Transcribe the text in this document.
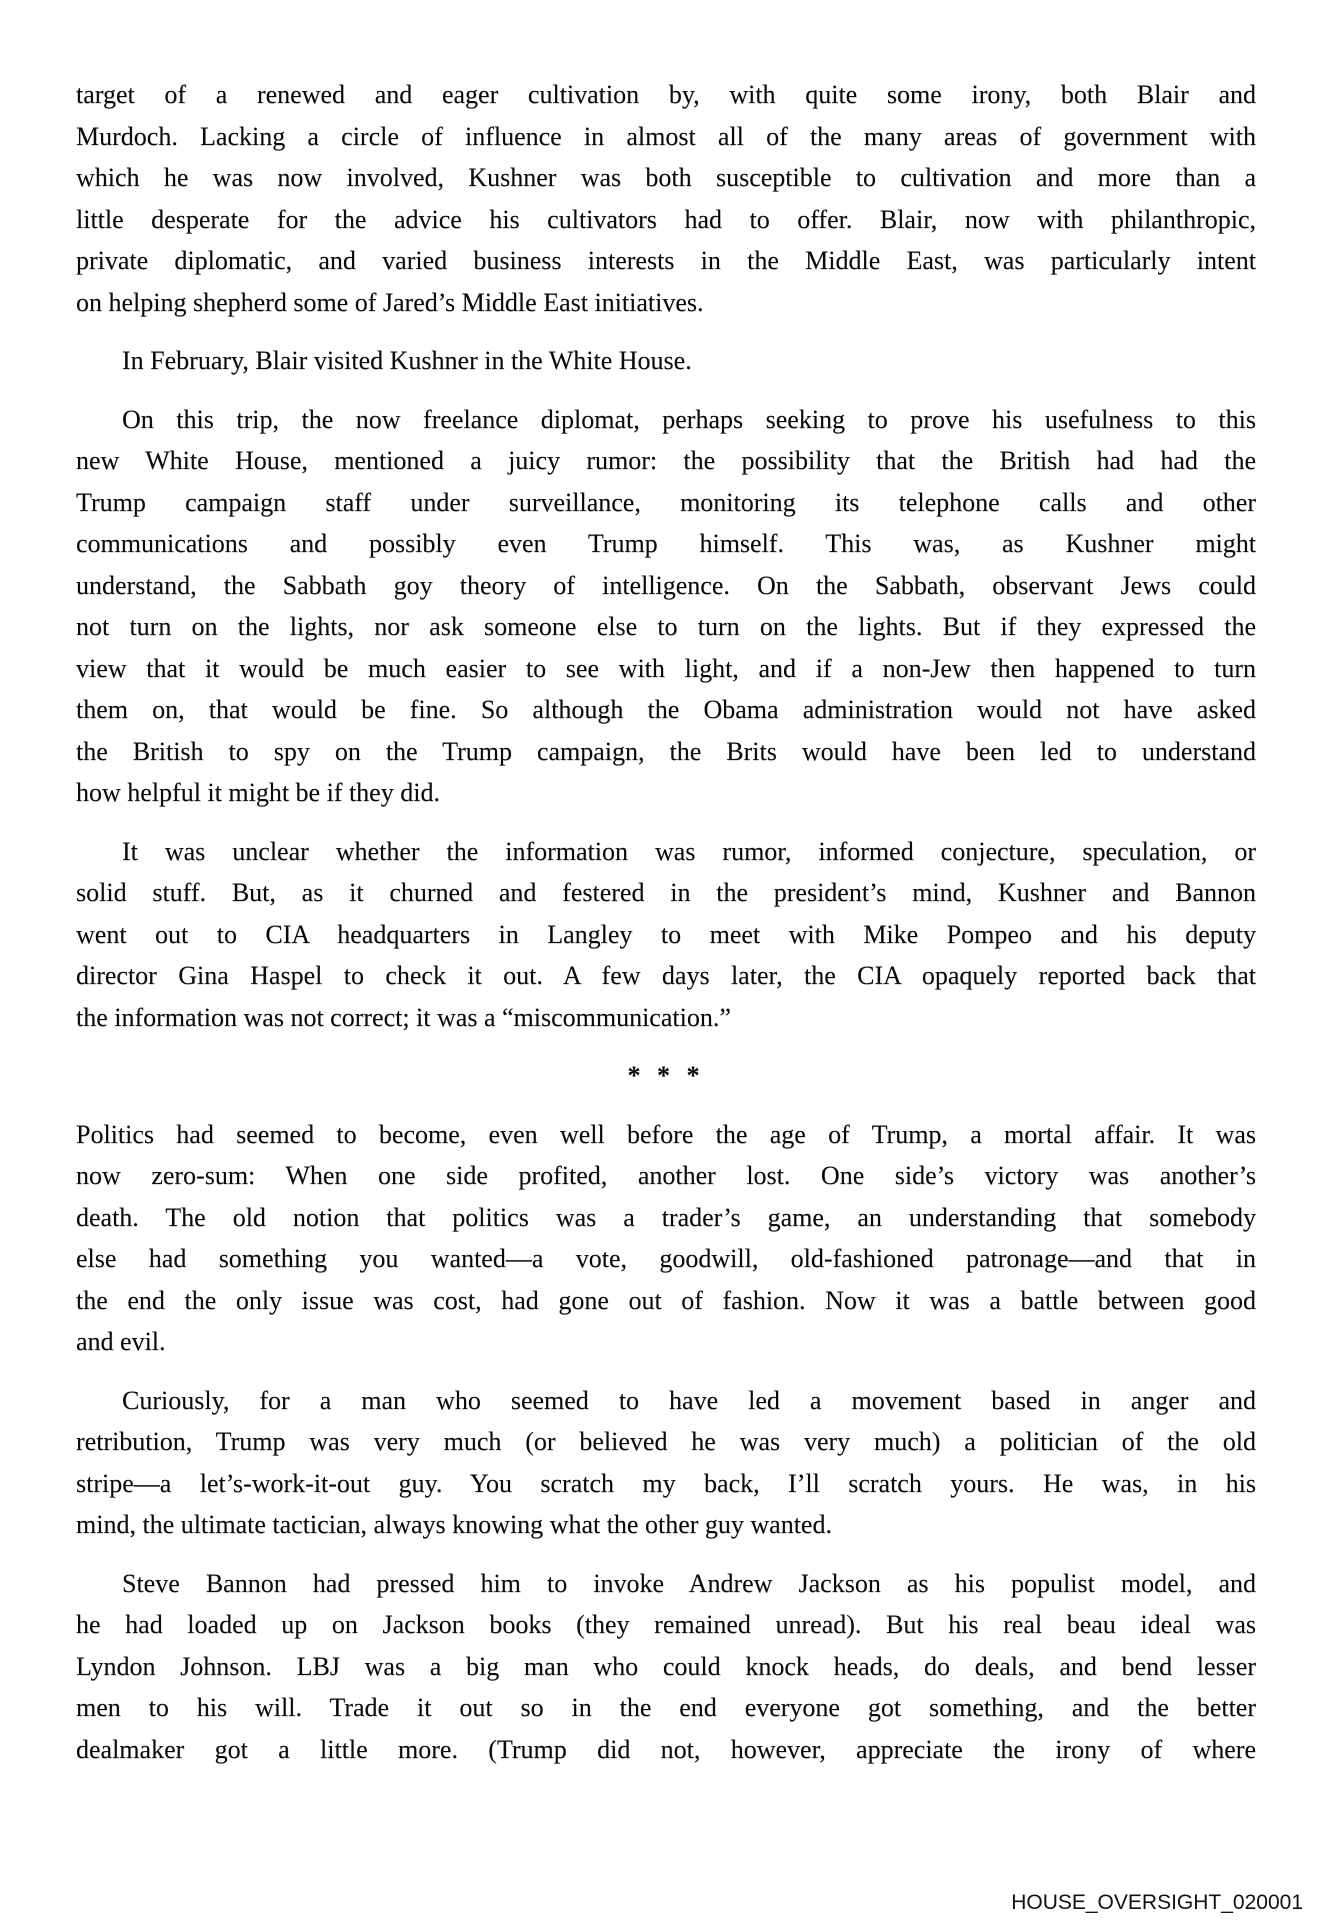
target of a renewed and eager cultivation by, with quite some irony, both Blair and
Murdoch. Lacking a circle of influence in almost all of the many areas of government with
which he was now involved, Kushner was both susceptible to cultivation and more than a
little desperate for the advice his cultivators had to offer. Blair, now with philanthropic,
private diplomatic, and varied business interests in the Middle East, was particularly intent
on helping shepherd some of Jared’s Middle East initiatives.
In February, Blair visited Kushner in the White House.
On this trip, the now freelance diplomat, perhaps seeking to prove his usefulness to this
new White House, mentioned a juicy rumor: the possibility that the British had had the
Trump campaign staff under surveillance, monitoring its telephone calls and other
communications and possibly even Trump himself. This was, as Kushner might
understand, the Sabbath goy theory of intelligence. On the Sabbath, observant Jews could
not turn on the lights, nor ask someone else to turn on the lights. But if they expressed the
view that it would be much easier to see with light, and if a non-Jew then happened to turn
them on, that would be fine. So although the Obama administration would not have asked
the British to spy on the Trump campaign, the Brits would have been led to understand
how helpful it might be if they did.
It was unclear whether the information was rumor, informed conjecture, speculation, or
solid stuff. But, as it churned and festered in the president’s mind, Kushner and Bannon
went out to CIA headquarters in Langley to meet with Mike Pompeo and his deputy
director Gina Haspel to check it out. A few days later, the CIA opaquely reported back that
the information was not correct; it was a “miscommunication.”
* * *
Politics had seemed to become, even well before the age of Trump, a mortal affair. It was
now zero-sum: When one side profited, another lost. One side’s victory was another’s
death. The old notion that politics was a trader’s game, an understanding that somebody
else had something you wanted—a vote, goodwill, old-fashioned patronage—and that in
the end the only issue was cost, had gone out of fashion. Now it was a battle between good
and evil.
Curiously, for a man who seemed to have led a movement based in anger and
retribution, Trump was very much (or believed he was very much) a politician of the old
stripe—a let’s-work-it-out guy. You scratch my back, I’ll scratch yours. He was, in his
mind, the ultimate tactician, always knowing what the other guy wanted.
Steve Bannon had pressed him to invoke Andrew Jackson as his populist model, and
he had loaded up on Jackson books (they remained unread). But his real beau ideal was
Lyndon Johnson. LBJ was a big man who could knock heads, do deals, and bend lesser
men to his will. Trade it out so in the end everyone got something, and the better
dealmaker got a little more. (Trump did not, however, appreciate the irony of where
HOUSE_OVERSIGHT_020001
